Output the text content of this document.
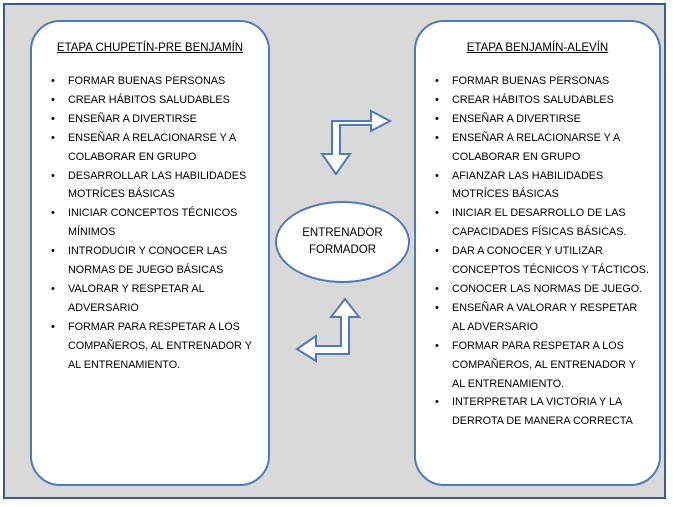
ETAPA CHUPETÍN-PRE BENJAMÍN
• FORMAR BUENAS PERSONAS
• CREAR HÁBITOS SALUDABLES
• ENSEÑAR A DIVERTIRSE
• ENSEÑAR A RELACIONARSE Y A COLABORAR EN GRUPO
• DESARROLLAR LAS HABILIDADES MOTRÍCES BÁSICAS
• INICIAR CONCEPTOS TÉCNICOS MÍNIMOS
• INTRODUCIR Y CONOCER LAS NORMAS DE JUEGO BÁSICAS
• VALORAR Y RESPETAR AL ADVERSARIO
• FORMAR PARA RESPETAR A LOS COMPAÑEROS, AL ENTRENADOR Y AL ENTRENAMIENTO.
ETAPA BENJAMÍN-ALEVÍN
• FORMAR BUENAS PERSONAS
• CREAR HÁBITOS SALUDABLES
• ENSEÑAR A DIVERTIRSE
• ENSEÑAR A RELACIONARSE Y A COLABORAR EN GRUPO
• AFIANZAR LAS HABILIDADES MOTRÍCES BÁSICAS
• INICIAR EL DESARROLLO DE LAS CAPACIDADES FÍSICAS BÁSICAS.
• DAR A CONOCER Y UTILIZAR CONCEPTOS TÉCNICOS Y TÁCTICOS.
• CONOCER LAS NORMAS DE JUEGO.
• ENSEÑAR A VALORAR Y RESPETAR AL ADVERSARIO
• FORMAR PARA RESPETAR A LOS COMPAÑEROS, AL ENTRENADOR Y AL ENTRENAMIENTO.
• INTERPRETAR LA VICTORIA Y LA DERROTA DE MANERA CORRECTA
ENTRENADOR
FORMADOR
